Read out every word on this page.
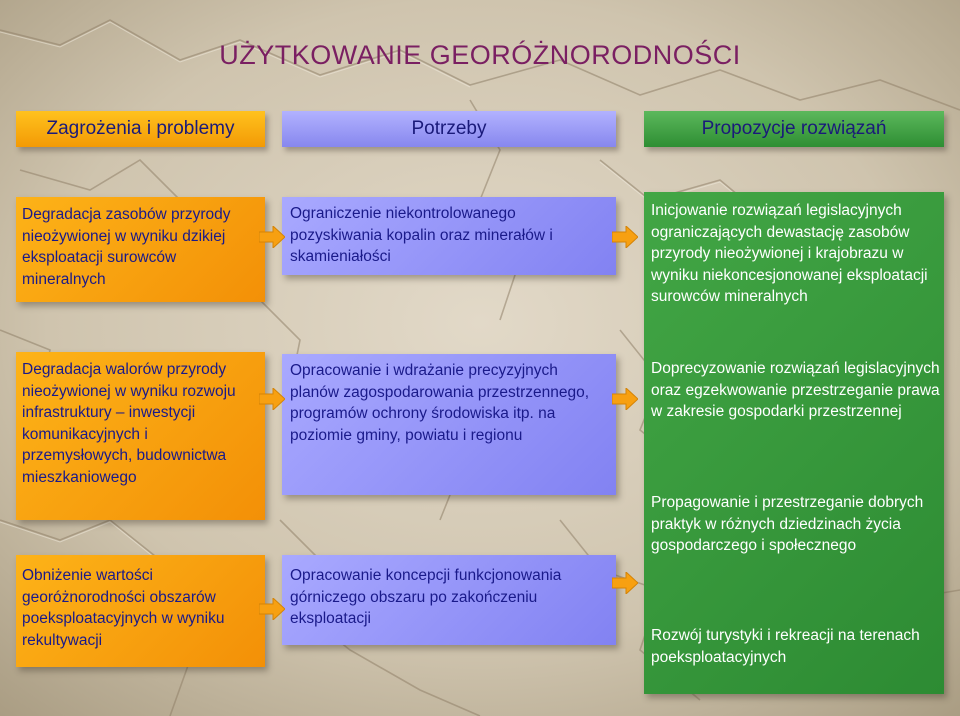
UŻYTKOWANIE GEORÓŻNORODNOŚCI
Zagrożenia i problemy	Potrzeby	Propozycje rozwiązań
Degradacja zasobów przyrody nieożywionej w wyniku dzikiej eksploatacji surowców mineralnych
Degradacja walorów przyrody nieożywionej w wyniku rozwoju infrastruktury – inwestycji komunikacyjnych i przemysłowych, budownictwa mieszkaniowego
Obniżenie wartości georóżnorodności obszarów poeksploatacyjnych w wyniku rekultywacji
Ograniczenie niekontrolowanego pozyskiwania kopalin oraz minerałów i skamieniałości
Opracowanie i wdrażanie precyzyjnych planów zagospodarowania przestrzennego, programów ochrony środowiska itp. na poziomie gminy, powiatu i regionu
Opracowanie koncepcji funkcjonowania górniczego obszaru po zakończeniu eksploatacji
Inicjowanie rozwiązań legislacyjnych ograniczających dewastację zasobów przyrody nieożywionej i krajobrazu w wyniku niekoncesjonowanej eksploatacji surowców mineralnych
Doprecyzowanie rozwiązań legislacyjnych oraz egzekwowanie przestrzeganie prawa w zakresie gospodarki przestrzennej
Propagowanie i przestrzeganie dobrych praktyk w różnych dziedzinach życia gospodarczego i społecznego
Rozwój turystyki i rekreacji na terenach poeksploatacyjnych
